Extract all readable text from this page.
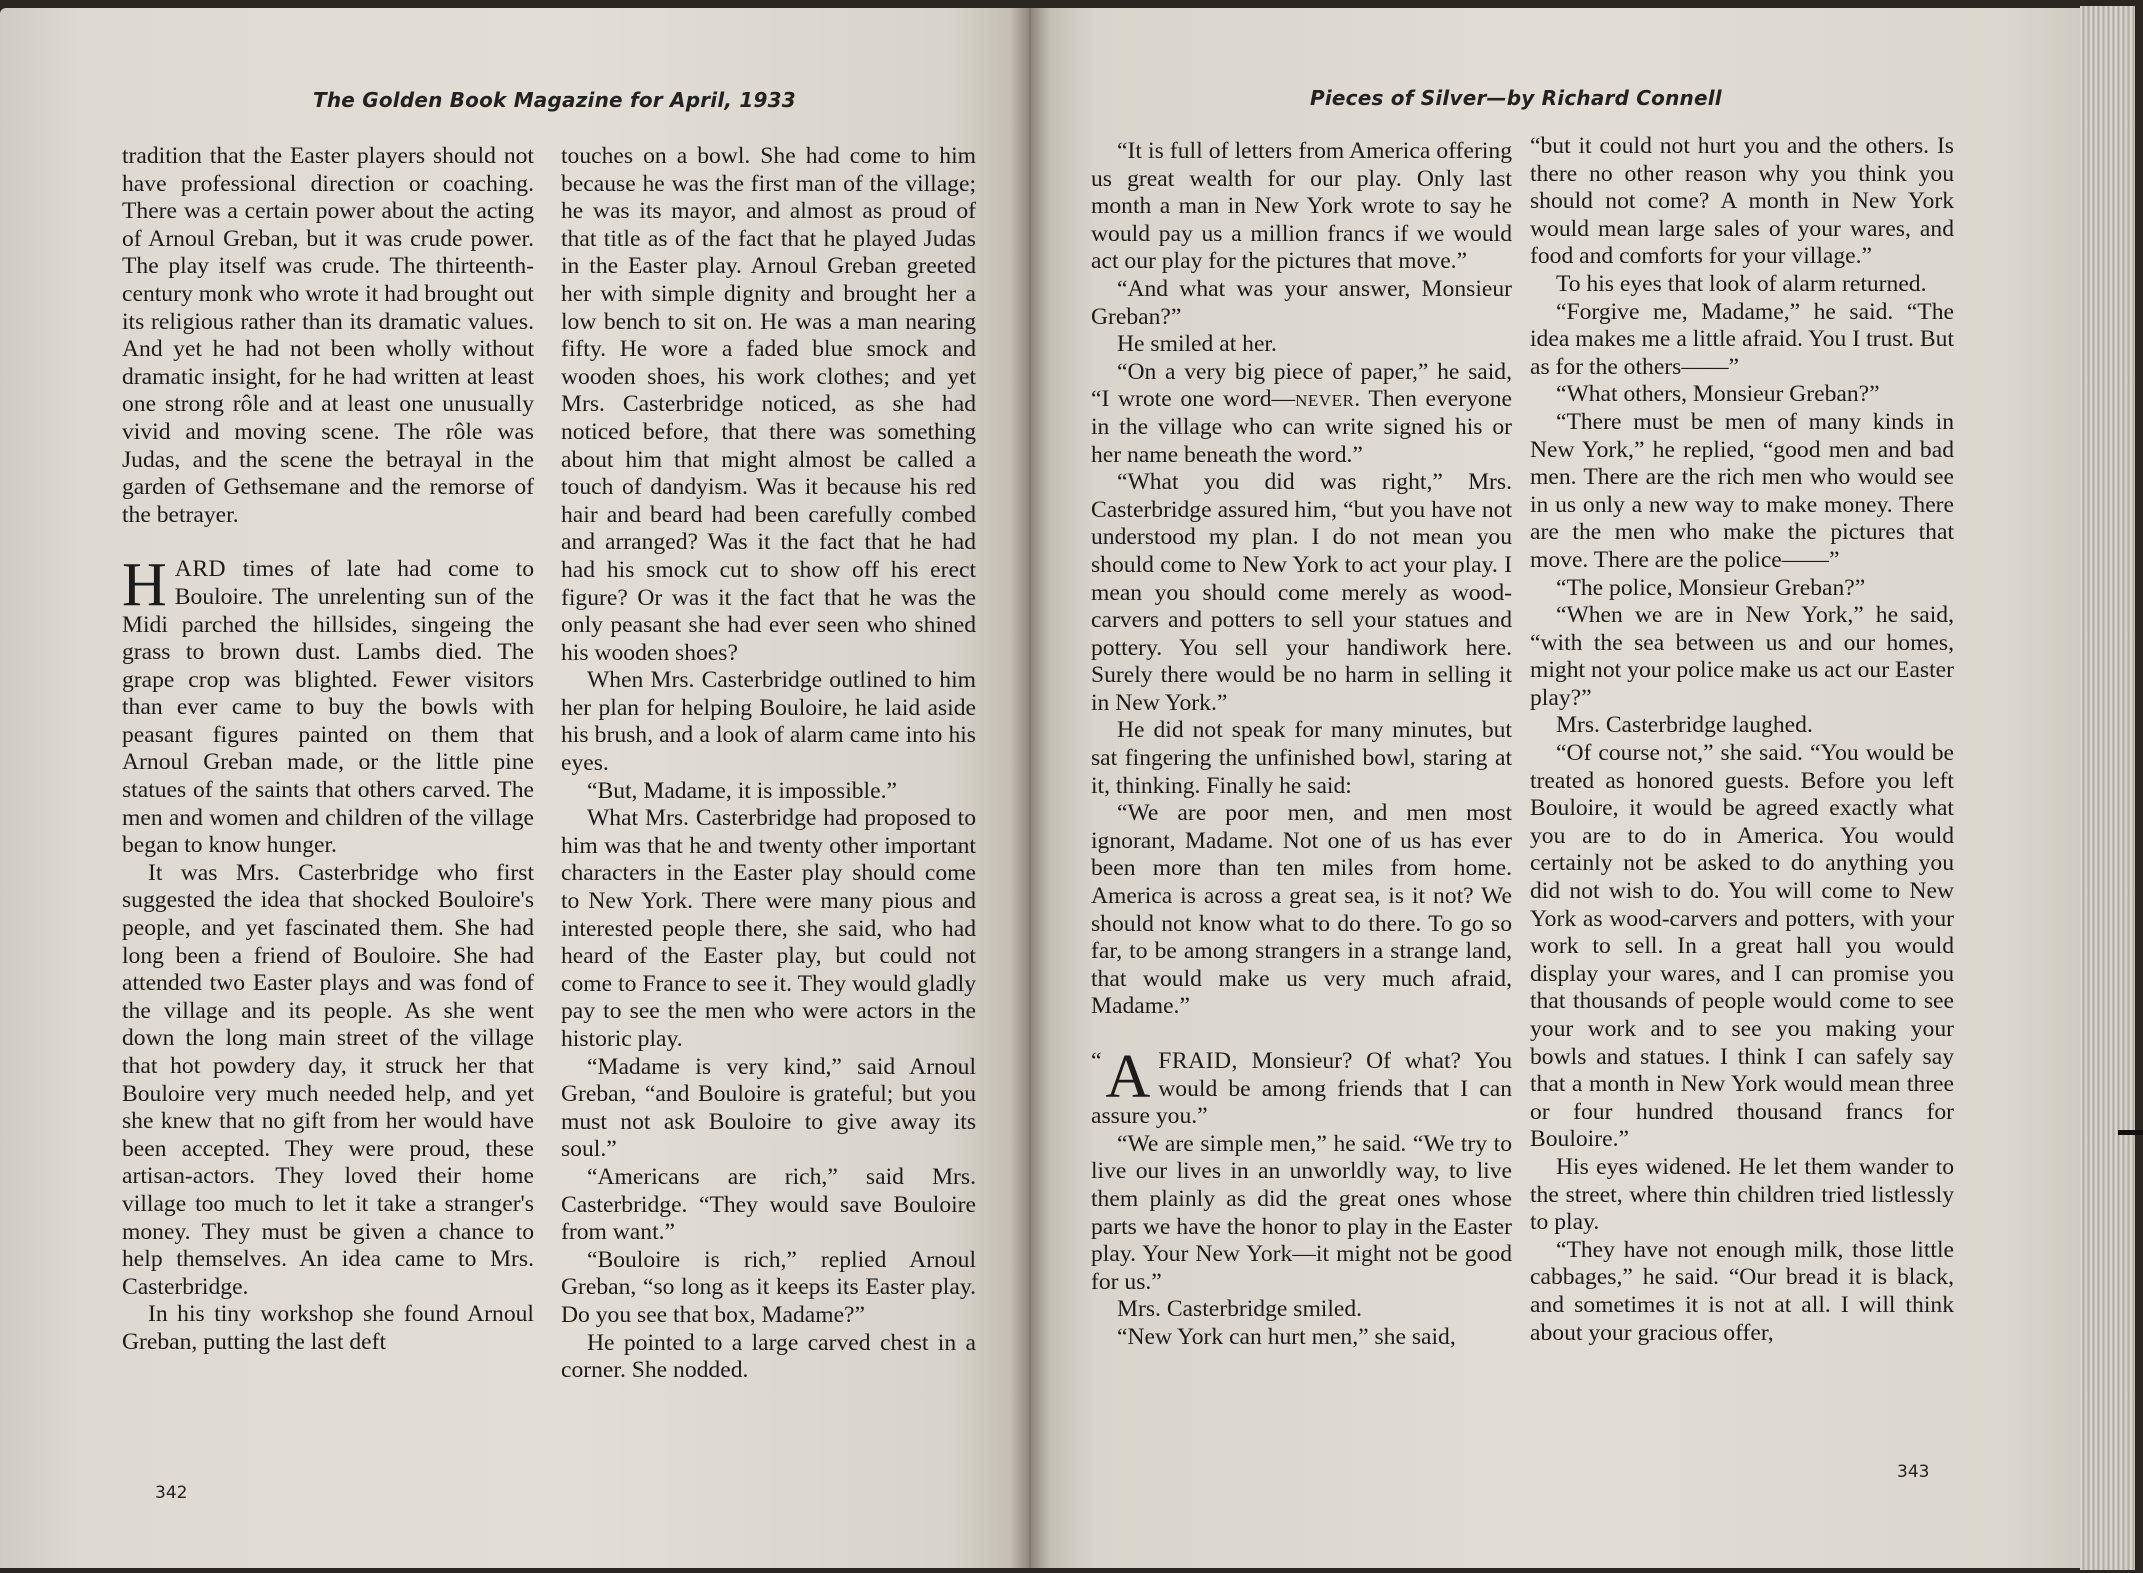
The Golden Book Magazine for April, 1933

tradition that the Easter players should not have professional direction or coaching. There was a certain power about the acting of Arnoul Greban, but it was crude power. The play itself was crude. The thirteenth-century monk who wrote it had brought out its religious rather than its dramatic values. And yet he had not been wholly without dramatic insight, for he had written at least one strong rôle and at least one unusually vivid and moving scene. The rôle was Judas, and the scene the betrayal in the garden of Gethsemane and the remorse of the betrayer.

HARD times of late had come to Bouloire. The unrelenting sun of the Midi parched the hillsides, singeing the grass to brown dust. Lambs died. The grape crop was blighted. Fewer visitors than ever came to buy the bowls with peasant figures painted on them that Arnoul Greban made, or the little pine statues of the saints that others carved. The men and women and children of the village began to know hunger.

It was Mrs. Casterbridge who first suggested the idea that shocked Bouloire's people, and yet fascinated them. She had long been a friend of Bouloire. She had attended two Easter plays and was fond of the village and its people. As she went down the long main street of the village that hot powdery day, it struck her that Bouloire very much needed help, and yet she knew that no gift from her would have been accepted. They were proud, these artisan-actors. They loved their home village too much to let it take a stranger's money. They must be given a chance to help themselves. An idea came to Mrs. Casterbridge.

In his tiny workshop she found Arnoul Greban, putting the last deft

touches on a bowl. She had come to him because he was the first man of the village; he was its mayor, and almost as proud of that title as of the fact that he played Judas in the Easter play. Arnoul Greban greeted her with simple dignity and brought her a low bench to sit on. He was a man nearing fifty. He wore a faded blue smock and wooden shoes, his work clothes; and yet Mrs. Casterbridge noticed, as she had noticed before, that there was something about him that might almost be called a touch of dandyism. Was it because his red hair and beard had been carefully combed and arranged? Was it the fact that he had had his smock cut to show off his erect figure? Or was it the fact that he was the only peasant she had ever seen who shined his wooden shoes?

When Mrs. Casterbridge outlined to him her plan for helping Bouloire, he laid aside his brush, and a look of alarm came into his eyes.

“But, Madame, it is impossible.”

What Mrs. Casterbridge had proposed to him was that he and twenty other important characters in the Easter play should come to New York. There were many pious and interested people there, she said, who had heard of the Easter play, but could not come to France to see it. They would gladly pay to see the men who were actors in the historic play.

“Madame is very kind,” said Arnoul Greban, “and Bouloire is grateful; but you must not ask Bouloire to give away its soul.”

“Americans are rich,” said Mrs. Casterbridge. “They would save Bouloire from want.”

“Bouloire is rich,” replied Arnoul Greban, “so long as it keeps its Easter play. Do you see that box, Madame?”

He pointed to a large carved chest in a corner. She nodded.

342
Pieces of Silver—by Richard Connell

“It is full of letters from America offering us great wealth for our play. Only last month a man in New York wrote to say he would pay us a million francs if we would act our play for the pictures that move.”

“And what was your answer, Monsieur Greban?”

He smiled at her.

“On a very big piece of paper,” he said, “I wrote one word—never. Then everyone in the village who can write signed his or her name beneath the word.”

“What you did was right,” Mrs. Casterbridge assured him, “but you have not understood my plan. I do not mean you should come to New York to act your play. I mean you should come merely as wood-carvers and potters to sell your statues and pottery. You sell your handiwork here. Surely there would be no harm in selling it in New York.”

He did not speak for many minutes, but sat fingering the unfinished bowl, staring at it, thinking. Finally he said:

“We are poor men, and men most ignorant, Madame. Not one of us has ever been more than ten miles from home. America is across a great sea, is it not? We should not know what to do there. To go so far, to be among strangers in a strange land, that would make us very much afraid, Madame.”

“ A FRAID, Monsieur? Of what? You would be among friends that I can assure you.”

“We are simple men,” he said. “We try to live our lives in an unworldly way, to live them plainly as did the great ones whose parts we have the honor to play in the Easter play. Your New York—it might not be good for us.”

Mrs. Casterbridge smiled.

“New York can hurt men,” she said,

“but it could not hurt you and the others. Is there no other reason why you think you should not come? A month in New York would mean large sales of your wares, and food and comforts for your village.”

To his eyes that look of alarm returned.

“Forgive me, Madame,” he said. “The idea makes me a little afraid. You I trust. But as for the others——”

“What others, Monsieur Greban?”

“There must be men of many kinds in New York,” he replied, “good men and bad men. There are the rich men who would see in us only a new way to make money. There are the men who make the pictures that move. There are the police——”

“The police, Monsieur Greban?”

“When we are in New York,” he said, “with the sea between us and our homes, might not your police make us act our Easter play?”

Mrs. Casterbridge laughed.

“Of course not,” she said. “You would be treated as honored guests. Before you left Bouloire, it would be agreed exactly what you are to do in America. You would certainly not be asked to do anything you did not wish to do. You will come to New York as wood-carvers and potters, with your work to sell. In a great hall you would display your wares, and I can promise you that thousands of people would come to see your work and to see you making your bowls and statues. I think I can safely say that a month in New York would mean three or four hundred thousand francs for Bouloire.”

His eyes widened. He let them wander to the street, where thin children tried listlessly to play.

“They have not enough milk, those little cabbages,” he said. “Our bread it is black, and sometimes it is not at all. I will think about your gracious offer,

343
